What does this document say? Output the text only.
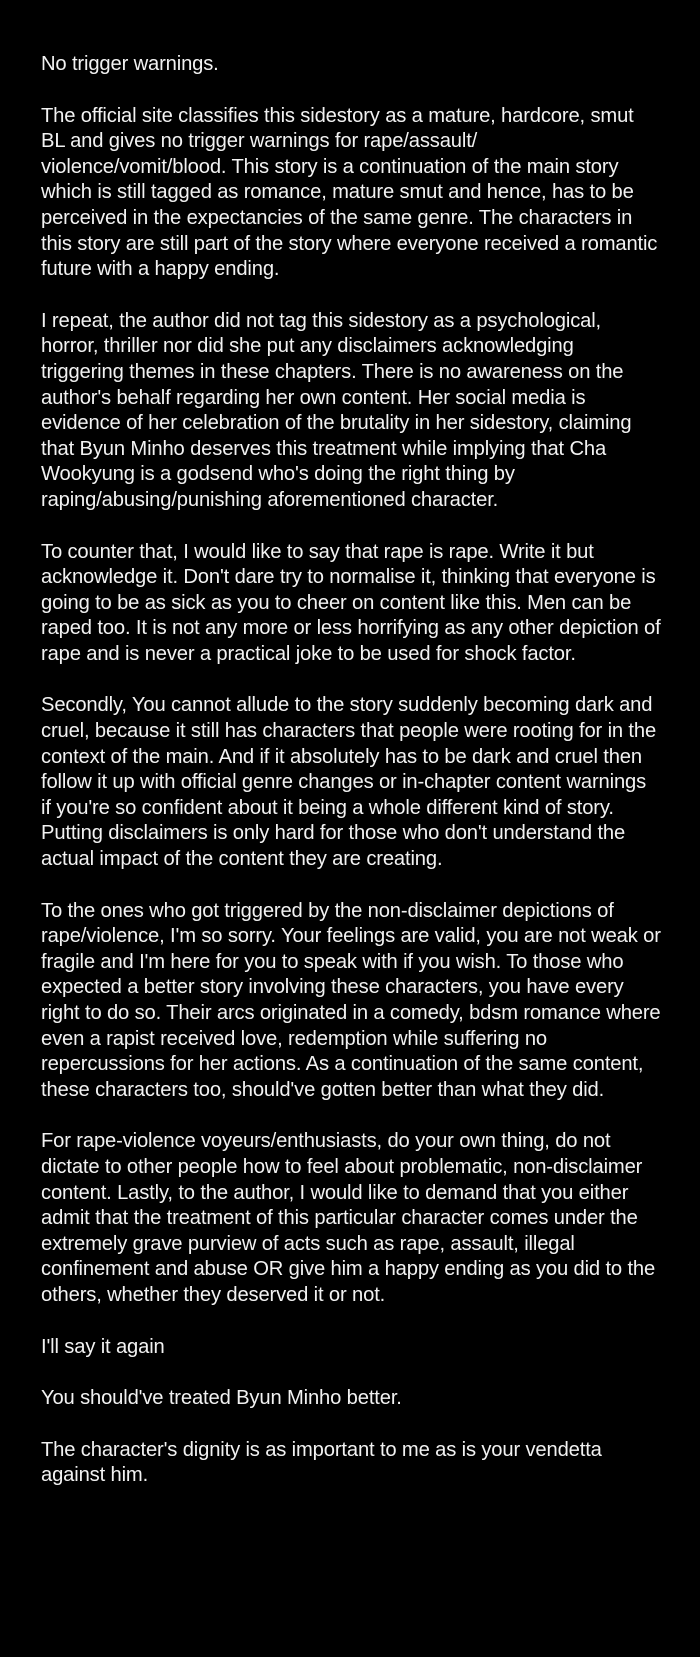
No trigger warnings.

The official site classifies this sidestory as a mature, hardcore, smut BL and gives no trigger warnings for rape/assault/ violence/vomit/blood. This story is a continuation of the main story which is still tagged as romance, mature smut and hence, has to be perceived in the expectancies of the same genre. The characters in this story are still part of the story where everyone received a romantic future with a happy ending.

I repeat, the author did not tag this sidestory as a psychological, horror, thriller nor did she put any disclaimers acknowledging triggering themes in these chapters. There is no awareness on the author's behalf regarding her own content. Her social media is evidence of her celebration of the brutality in her sidestory, claiming that Byun Minho deserves this treatment while implying that Cha Wookyung is a godsend who's doing the right thing by raping/abusing/punishing aforementioned character.

To counter that, I would like to say that rape is rape. Write it but acknowledge it. Don't dare try to normalise it, thinking that everyone is going to be as sick as you to cheer on content like this. Men can be raped too. It is not any more or less horrifying as any other depiction of rape and is never a practical joke to be used for shock factor.

Secondly, You cannot allude to the story suddenly becoming dark and cruel, because it still has characters that people were rooting for in the context of the main. And if it absolutely has to be dark and cruel then follow it up with official genre changes or in-chapter content warnings if you're so confident about it being a whole different kind of story. Putting disclaimers is only hard for those who don't understand the actual impact of the content they are creating.

To the ones who got triggered by the non-disclaimer depictions of rape/violence, I'm so sorry. Your feelings are valid, you are not weak or fragile and I'm here for you to speak with if you wish. To those who expected a better story involving these characters, you have every right to do so. Their arcs originated in a comedy, bdsm romance where even a rapist received love, redemption while suffering no repercussions for her actions. As a continuation of the same content, these characters too, should've gotten better than what they did.

For rape-violence voyeurs/enthusiasts, do your own thing, do not dictate to other people how to feel about problematic, non-disclaimer content. Lastly, to the author, I would like to demand that you either admit that the treatment of this particular character comes under the extremely grave purview of acts such as rape, assault, illegal confinement and abuse OR give him a happy ending as you did to the others, whether they deserved it or not.

I'll say it again

You should've treated Byun Minho better.

The character's dignity is as important to me as is your vendetta against him.
